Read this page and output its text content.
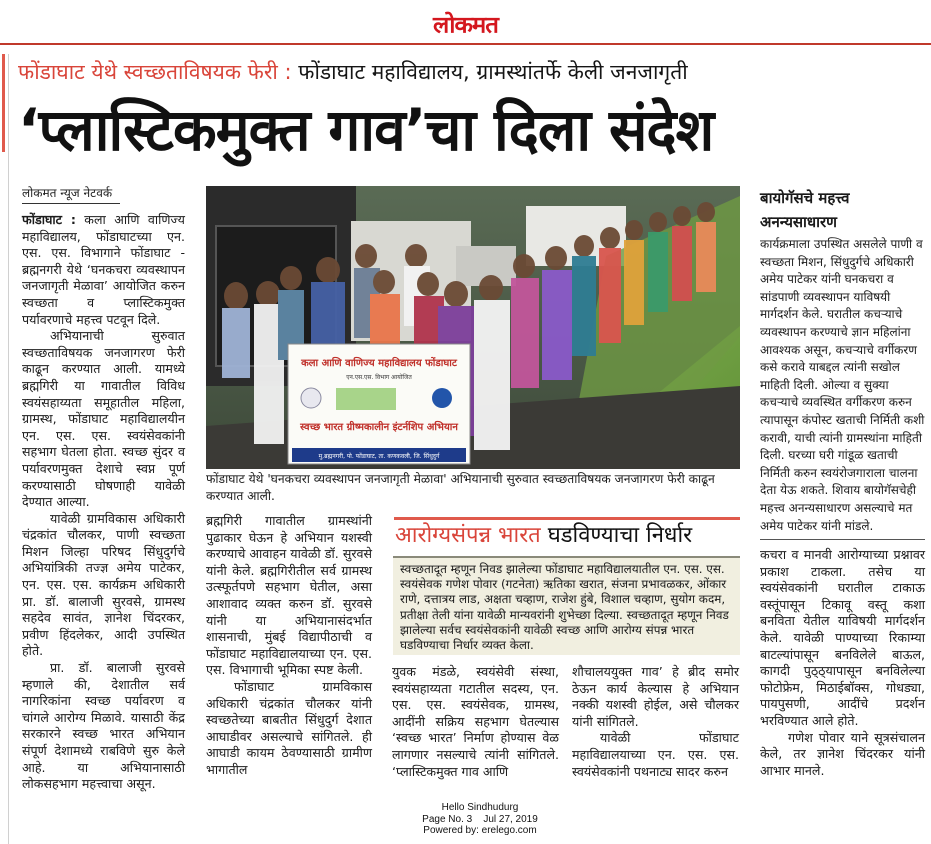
लोकमत
फोंडाघाट येथे स्वच्छताविषयक फेरी : फोंडाघाट महाविद्यालय, ग्रामस्थांतर्फे केली जनजागृती
‘प्लास्टिकमुक्त गाव’चा दिला संदेश
लोकमत न्यूज नेटवर्क

फोंडाघाट : कला आणि वाणिज्य महाविद्यालय, फोंडाघाटच्या एन. एस. एस. विभागाने फोंडाघाट - ब्रह्मनगरी येथे ‘घनकचरा व्यवस्थापन जनजागृती मेळावा’ आयोजित करुन स्वच्छता व प्लास्टिकमुक्त पर्यावरणाचे महत्त्व पटवून दिले.

अभियानाची सुरुवात स्वच्छताविषयक जनजागरण फेरी काढून करण्यात आली. यामध्ये ब्रह्मगिरी या गावातील विविध स्वयंसहाय्यता समूहातील महिला, ग्रामस्थ, फोंडाघाट महाविद्यालयीन एन. एस. एस. स्वयंसेवकांनी सहभाग घेतला होता. स्वच्छ सुंदर व पर्यावरणमुक्त देशाचे स्वप्न पूर्ण करण्यासाठी घोषणाही यावेळी देण्यात आल्या.

यावेळी ग्रामविकास अधिकारी चंद्रकांत चौलकर, पाणी स्वच्छता मिशन जिल्हा परिषद सिंधुदुर्गचे अभियांत्रिकी तज्ज्ञ अमेय पाटेकर, एन. एस. एस. कार्यक्रम अधिकारी प्रा. डॉ. बालाजी सुरवसे, ग्रामस्थ सहदेव सावंत, ज्ञानेश चिंदरकर, प्रवीण हिंदलेकर, आदी उपस्थित होते.

प्रा. डॉ. बालाजी सुरवसे म्हणाले की, देशातील सर्व नागरिकांना स्वच्छ पर्यावरण व चांगले आरोग्य मिळावे. यासाठी केंद्र सरकारने स्वच्छ भारत अभियान संपूर्ण देशामध्ये राबविणे सुरु केले आहे. या अभियानासाठी लोकसहभाग महत्त्वाचा असून.

कला आणि वाणिज्य महाविद्यालय फोंडाघाट
एन.एस.एस. विभाग आयोजित
स्वच्छ भारत ग्रीष्मकालीन इंटर्नशिप अभियान
मु.ब्रह्मनगरी, पो. फोंडाघाट, ता. कणकवली, जि. सिंधुदुर्ग
फोंडाघाट येथे 'घनकचरा व्यवस्थापन जनजागृती मेळावा' अभियानाची सुरुवात स्वच्छताविषयक जनजागरण फेरी काढून करण्यात आली.

ब्रह्मगिरी गावातील ग्रामस्थांनी पुढाकार घेऊन हे अभियान यशस्वी करण्याचे आवाहन यावेळी डॉ. सुरवसे यांनी केले. ब्रह्मगिरीतील सर्व ग्रामस्थ उत्स्फूर्तपणे सहभाग घेतील, असा आशावाद व्यक्त करुन डॉ. सुरवसे यांनी या अभियानासंदर्भात शासनाची, मुंबई विद्यापीठाची व फोंडाघाट महाविद्यालयाच्या एन. एस. एस. विभागाची भूमिका स्पष्ट केली.

फोंडाघाट ग्रामविकास अधिकारी चंद्रकांत चौलकर यांनी स्वच्छतेच्या बाबतीत सिंधुदुर्ग देशात आघाडीवर असल्याचे सांगितले. ही आघाडी कायम ठेवण्यासाठी ग्रामीण भागातील

आरोग्यसंपन्न भारत घडविण्याचा निर्धार
स्वच्छतादूत म्हणून निवड झालेल्या फोंडाघाट महाविद्यालयातील एन. एस. एस. स्वयंसेवक गणेश पोवार (गटनेता) ऋतिका खरात, संजना प्रभावळकर, ओंकार राणे, दत्तात्रय लाड, अक्षता चव्हाण, राजेश हुंबे, विशाल चव्हाण, सुयोग कदम, प्रतीक्षा तेली यांना यावेळी मान्यवरांनी शुभेच्छा दिल्या. स्वच्छतादूत म्हणून निवड झालेल्या सर्वच स्वयंसेवकांनी यावेळी स्वच्छ आणि आरोग्य संपन्न भारत घडविण्याचा निर्धार व्यक्त केला.

युवक मंडळे, स्वयंसेवी संस्था, स्वयंसहाय्यता गटातील सदस्य, एन. एस. एस. स्वयंसेवक, ग्रामस्थ, आदींनी सक्रिय सहभाग घेतल्यास ‘स्वच्छ भारत’ निर्माण होण्यास वेळ लागणार नसल्याचे त्यांनी सांगितले. ‘प्लास्टिकमुक्त गाव आणि

शौचालययुक्त गाव’ हे ब्रीद समोर ठेऊन कार्य केल्यास हे अभियान नक्की यशस्वी होईल, असे चौलकर यांनी सांगितले.

यावेळी फोंडाघाट महाविद्यालयाच्या एन. एस. एस. स्वयंसेवकांनी पथनाट्य सादर करुन

बायोगॅसचे महत्त्व
अनन्यसाधारण

कार्यक्रमाला उपस्थित असलेले पाणी व स्वच्छता मिशन, सिंधुदुर्गचे अधिकारी अमेय पाटेकर यांनी घनकचरा व सांडपाणी व्यवस्थापन याविषयी मार्गदर्शन केले. घरातील कचऱ्याचे व्यवस्थापन करण्याचे ज्ञान महिलांना आवश्यक असून, कचऱ्याचे वर्गीकरण कसे करावे याबद्दल त्यांनी सखोल माहिती दिली. ओल्या व सुक्या कचऱ्याचे व्यवस्थित वर्गीकरण करुन त्यापासून कंपोस्ट खताची निर्मिती कशी करावी, याची त्यांनी ग्रामस्थांना माहिती दिली. घरच्या घरी गांडूळ खताची निर्मिती करुन स्वयंरोजगाराला चालना देता येऊ शकते. शिवाय बायोगॅसचेही महत्त्व अनन्यसाधारण असल्याचे मत अमेय पाटेकर यांनी मांडले.

कचरा व मानवी आरोग्याच्या प्रश्नावर प्रकाश टाकला. तसेच या स्वयंसेवकांनी घरातील टाकाऊ वस्तूंपासून टिकावू वस्तू कशा बनविता येतील याविषयी मार्गदर्शन केले. यावेळी पाण्याच्या रिकाम्या बाटल्यांपासून बनविलेले बाऊल, कागदी पुठ्ठ्यापासून बनविलेल्या फोटोफ्रेम, मिठाईबॉक्स, गोधड्या, पायपुसणी, आदींचे प्रदर्शन भरविण्यात आले होते.

गणेश पोवार याने सूत्रसंचालन केले, तर ज्ञानेश चिंदरकर यांनी आभार मानले.

Hello Sindhudurg
Page No. 3    Jul 27, 2019
Powered by: erelego.com
